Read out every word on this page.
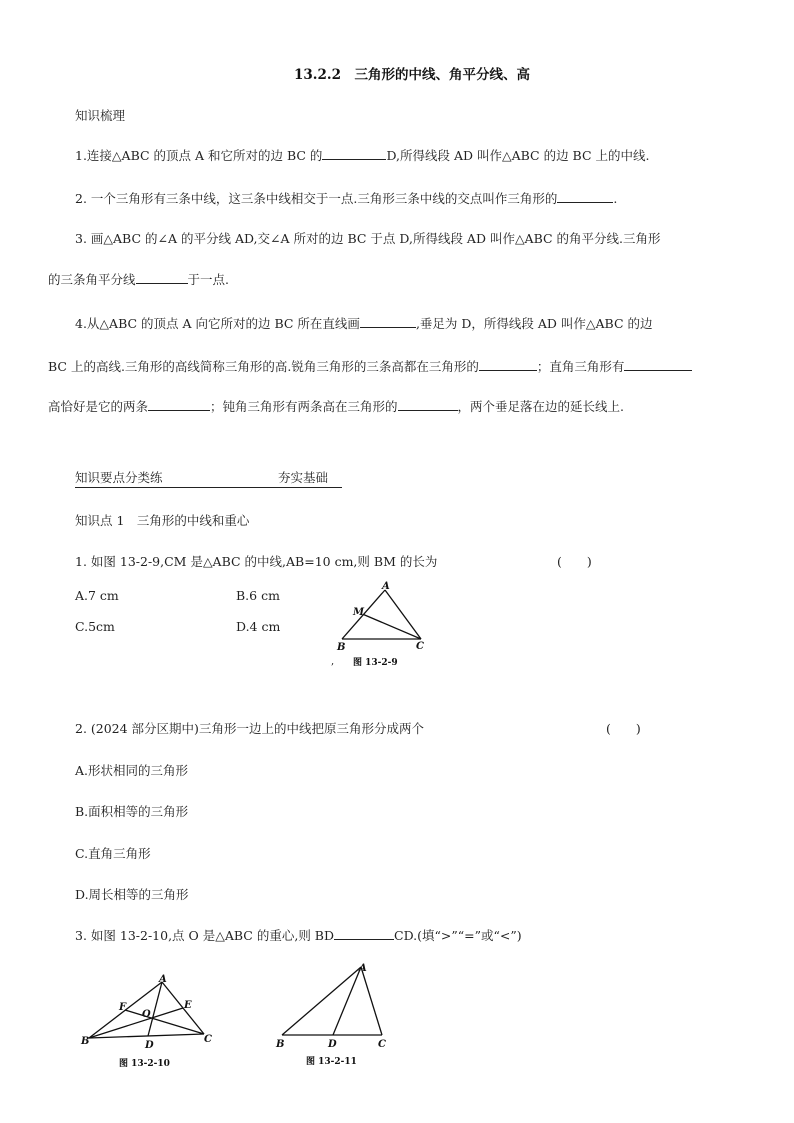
13.2.2　三角形的中线、角平分线、高
知识梳理
1.连接△ABC 的顶点 A 和它所对的边 BC 的	D,所得线段 AD 叫作△ABC 的边 BC 上的中线.
2. 一个三角形有三条中线，这三条中线相交于一点.三角形三条中线的交点叫作三角形的	.
3. 画△ABC 的∠A 的平分线 AD,交∠A 所对的边 BC 于点 D,所得线段 AD 叫作△ABC 的角平分线.三角形
的三条角平分线	于一点.
4.从△ABC 的顶点 A 向它所对的边 BC 所在直线画	,垂足为 D，所得线段 AD 叫作△ABC 的边
BC 上的高线.三角形的高线简称三角形的高.锐角三角形的三条高都在三角形的	；直角三角形有
高恰好是它的两条	；钝角三角形有两条高在三角形的	，两个垂足落在边的延长线上.
知识要点分类练	夯实基础
知识点 1　三角形的中线和重心
1. 如图 13-2-9,CM 是△ABC 的中线,AB=10 cm,则 BM 的长为	(　　)
A.7 cm	B.6 cm
C.5cm	D.4 cm
A
M
B	C
图 13-2-9
,
2. (2024 部分区期中)三角形一边上的中线把原三角形分成两个	(　　)
A.形状相同的三角形
B.面积相等的三角形
C.直角三角形
D.周长相等的三角形
3. 如图 13-2-10,点 O 是△ABC 的重心,则 BD	CD.(填“>”“=”或“<”)
A
F	E
O
B	D
C
图 13-2-10
A
B	D	C
图 13-2-11
